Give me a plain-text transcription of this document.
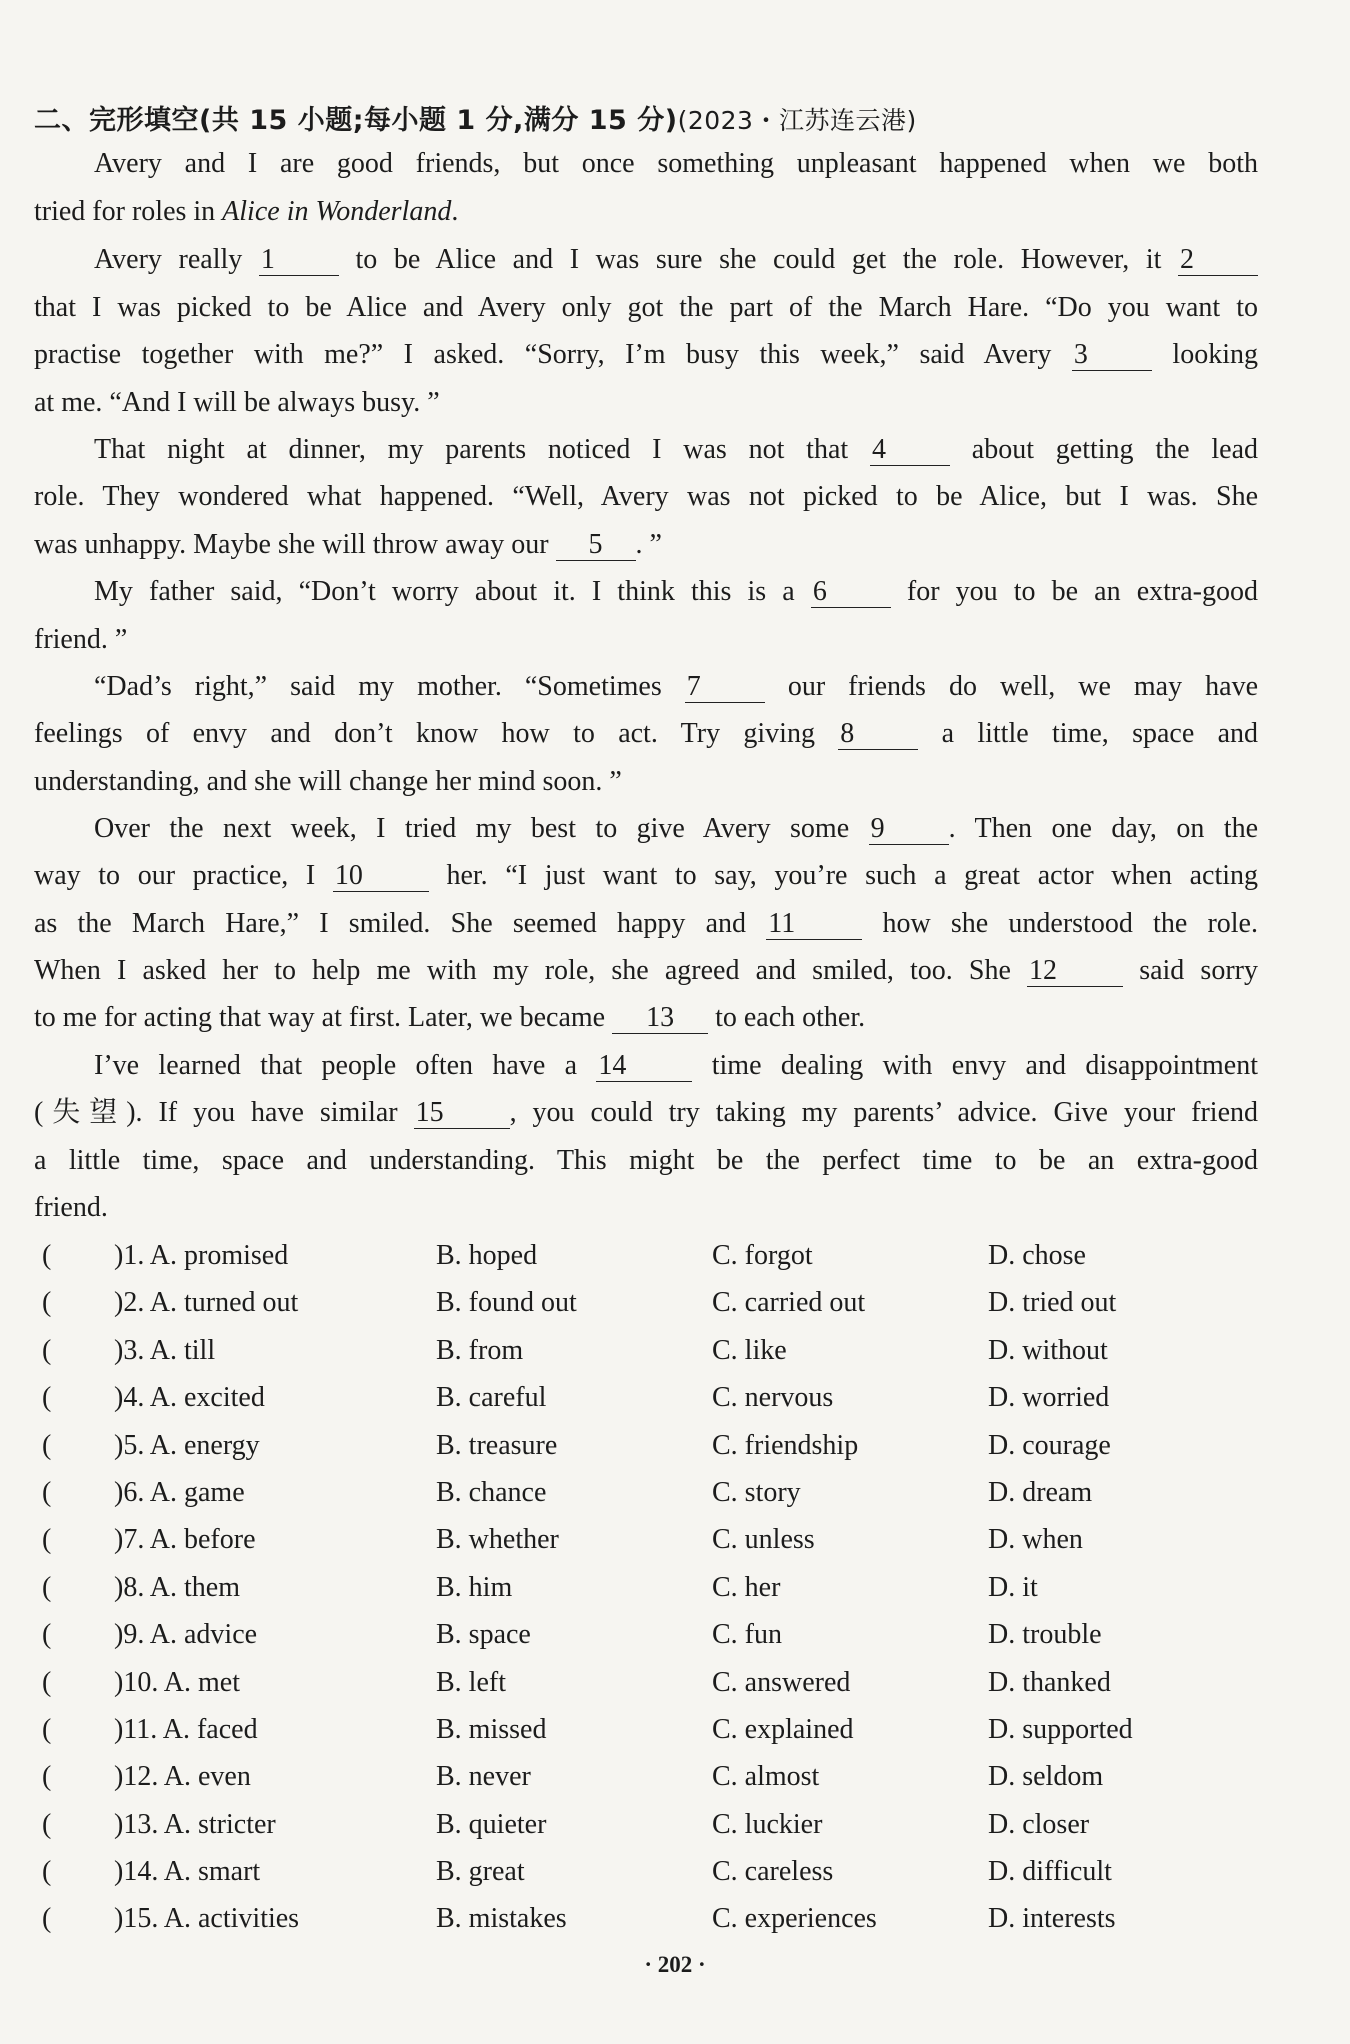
二、完形填空(共 15 小题;每小题 1 分,满分 15 分)(2023・江苏连云港)
Avery and I are good friends, but once something unpleasant happened when we both
tried for roles in Alice in Wonderland.
Avery really 1 to be Alice and I was sure she could get the role. However, it 2
that I was picked to be Alice and Avery only got the part of the March Hare. “Do you want to
practise together with me?” I asked. “Sorry, I’m busy this week,” said Avery 3 looking
at me. “And I will be always busy. ”
That night at dinner, my parents noticed I was not that 4 about getting the lead
role. They wondered what happened. “Well, Avery was not picked to be Alice, but I was. She
was unhappy. Maybe she will throw away our 5 . ”
My father said, “Don’t worry about it. I think this is a 6 for you to be an extra-good
friend. ”
“Dad’s right,” said my mother. “Sometimes 7 our friends do well, we may have
feelings of envy and don’t know how to act. Try giving 8 a little time, space and
understanding, and she will change her mind soon. ”
Over the next week, I tried my best to give Avery some 9 . Then one day, on the
way to our practice, I 10 her. “I just want to say, you’re such a great actor when acting
as the March Hare,” I smiled. She seemed happy and 11 how she understood the role.
When I asked her to help me with my role, she agreed and smiled, too. She 12 said sorry
to me for acting that way at first. Later, we became 13 to each other.
I’ve learned that people often have a 14 time dealing with envy and disappointment
(失望). If you have similar 15 , you could try taking my parents’ advice. Give your friend
a little time, space and understanding. This might be the perfect time to be an extra-good
friend.
( )1. A. promised	B. hoped	C. forgot	D. chose
( )2. A. turned out	B. found out	C. carried out	D. tried out
( )3. A. till	B. from	C. like	D. without
( )4. A. excited	B. careful	C. nervous	D. worried
( )5. A. energy	B. treasure	C. friendship	D. courage
( )6. A. game	B. chance	C. story	D. dream
( )7. A. before	B. whether	C. unless	D. when
( )8. A. them	B. him	C. her	D. it
( )9. A. advice	B. space	C. fun	D. trouble
( )10. A. met	B. left	C. answered	D. thanked
( )11. A. faced	B. missed	C. explained	D. supported
( )12. A. even	B. never	C. almost	D. seldom
( )13. A. stricter	B. quieter	C. luckier	D. closer
( )14. A. smart	B. great	C. careless	D. difficult
( )15. A. activities	B. mistakes	C. experiences	D. interests
· 202 ·
